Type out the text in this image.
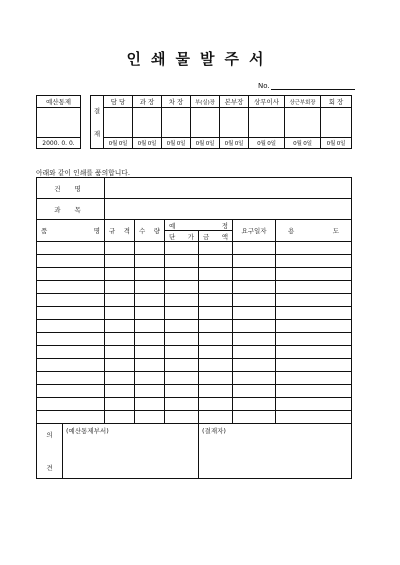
인쇄물발주서
No.
예산통제

2000. 0. 0.
결
재	담 당	과 장	차 장	부(실)장	본부장	상무이사	상근부회장	회 장

	0월 0일	0월 0일	0월 0일	0월 0일	0월 0일	0월 0일	0월 0일	0월 0일
아래와 같이 인쇄를 품의합니다.
건 명							
과 목							
품 명		규 격	수 량	예 정		요구일자	용 도
				단 가	금 액		

의
견	(예산통제부서)				(결재자)		
